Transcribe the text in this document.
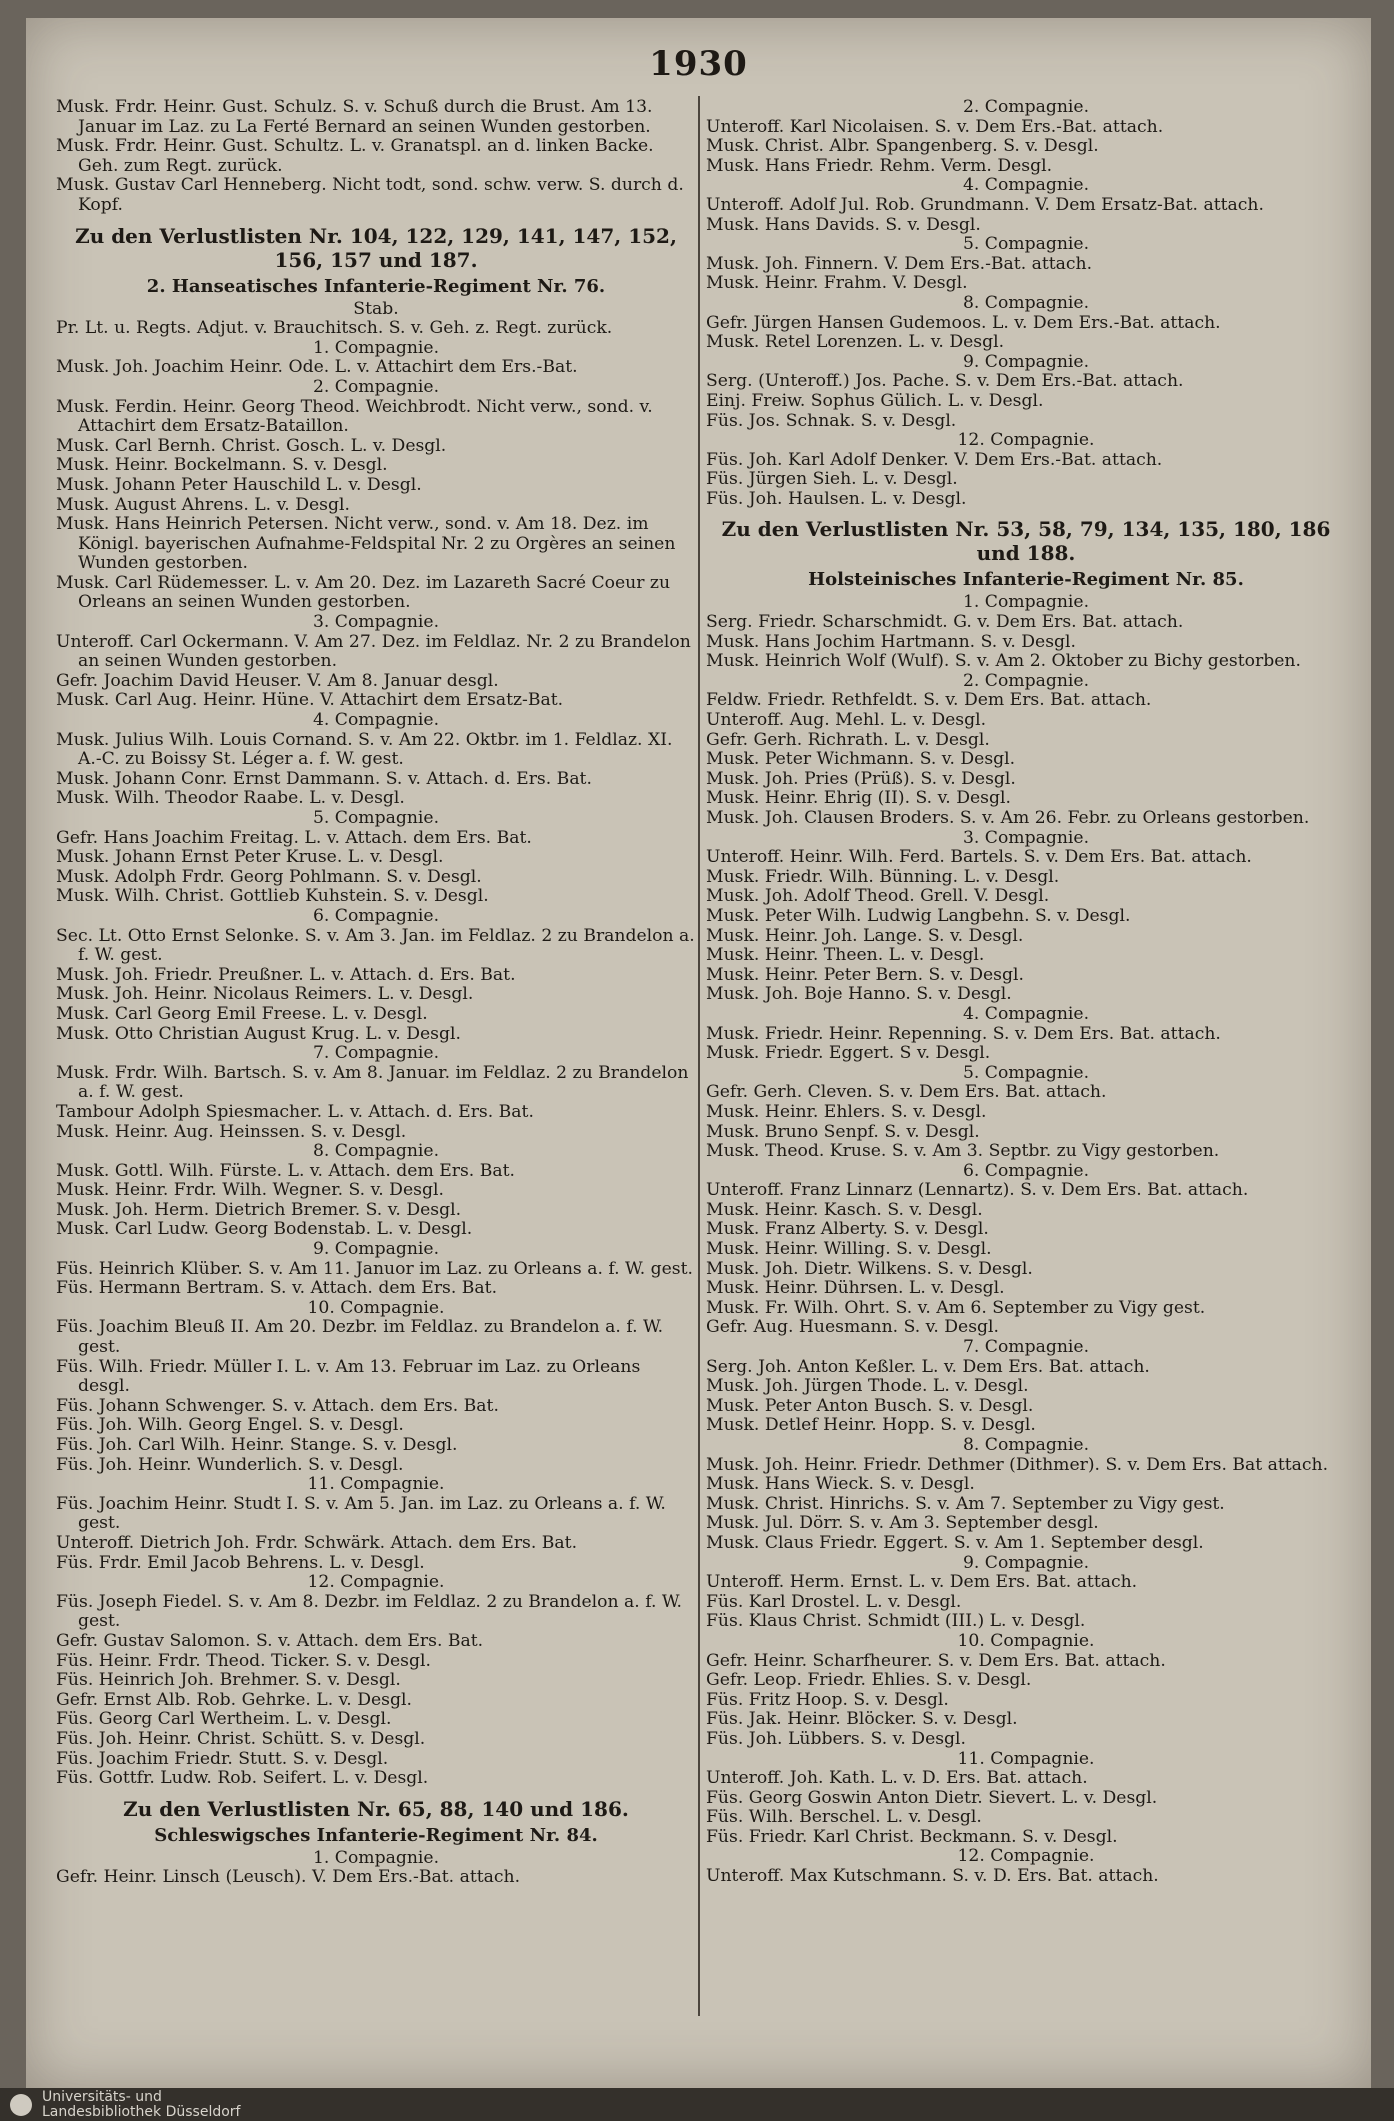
1930

Musk. Frdr. Heinr. Gust. Schulz. S. v. Schuß durch die Brust. Am 13. Januar im Laz. zu La Ferté Bernard an seinen Wunden gestorben.

Musk. Frdr. Heinr. Gust. Schultz. L. v. Granatspl. an d. linken Backe. Geh. zum Regt. zurück.

Musk. Gustav Carl Henneberg. Nicht todt, sond. schw. verw. S. durch d. Kopf.

Zu den Verlustlisten Nr. 104, 122, 129, 141, 147, 152, 156, 157 und 187.

2. Hanseatisches Infanterie-Regiment Nr. 76.

Stab.

Pr. Lt. u. Regts. Adjut. v. Brauchitsch. S. v. Geh. z. Regt. zurück.

1. Compagnie.

Musk. Joh. Joachim Heinr. Ode. L. v. Attachirt dem Ers.-Bat.

2. Compagnie.

Musk. Ferdin. Heinr. Georg Theod. Weichbrodt. Nicht verw., sond. v. Attachirt dem Ersatz-Bataillon.

Musk. Carl Bernh. Christ. Gosch. L. v. Desgl.

Musk. Heinr. Bockelmann. S. v. Desgl.

Musk. Johann Peter Hauschild L. v. Desgl.

Musk. August Ahrens. L. v. Desgl.

Musk. Hans Heinrich Petersen. Nicht verw., sond. v. Am 18. Dez. im Königl. bayerischen Aufnahme-Feldspital Nr. 2 zu Orgères an seinen Wunden gestorben.

Musk. Carl Rüdemesser. L. v. Am 20. Dez. im Lazareth Sacré Coeur zu Orleans an seinen Wunden gestorben.

3. Compagnie.

Unteroff. Carl Ockermann. V. Am 27. Dez. im Feldlaz. Nr. 2 zu Brandelon an seinen Wunden gestorben.

Gefr. Joachim David Heuser. V. Am 8. Januar desgl.

Musk. Carl Aug. Heinr. Hüne. V. Attachirt dem Ersatz-Bat.

4. Compagnie.

Musk. Julius Wilh. Louis Cornand. S. v. Am 22. Oktbr. im 1. Feldlaz. XI. A.-C. zu Boissy St. Léger a. f. W. gest.

Musk. Johann Conr. Ernst Dammann. S. v. Attach. d. Ers. Bat.

Musk. Wilh. Theodor Raabe. L. v. Desgl.

5. Compagnie.

Gefr. Hans Joachim Freitag. L. v. Attach. dem Ers. Bat.

Musk. Johann Ernst Peter Kruse. L. v. Desgl.

Musk. Adolph Frdr. Georg Pohlmann. S. v. Desgl.

Musk. Wilh. Christ. Gottlieb Kuhstein. S. v. Desgl.

6. Compagnie.

Sec. Lt. Otto Ernst Selonke. S. v. Am 3. Jan. im Feldlaz. 2 zu Brandelon a. f. W. gest.

Musk. Joh. Friedr. Preußner. L. v. Attach. d. Ers. Bat.

Musk. Joh. Heinr. Nicolaus Reimers. L. v. Desgl.

Musk. Carl Georg Emil Freese. L. v. Desgl.

Musk. Otto Christian August Krug. L. v. Desgl.

7. Compagnie.

Musk. Frdr. Wilh. Bartsch. S. v. Am 8. Januar. im Feldlaz. 2 zu Brandelon a. f. W. gest.

Tambour Adolph Spiesmacher. L. v. Attach. d. Ers. Bat.

Musk. Heinr. Aug. Heinssen. S. v. Desgl.

8. Compagnie.

Musk. Gottl. Wilh. Fürste. L. v. Attach. dem Ers. Bat.

Musk. Heinr. Frdr. Wilh. Wegner. S. v. Desgl.

Musk. Joh. Herm. Dietrich Bremer. S. v. Desgl.

Musk. Carl Ludw. Georg Bodenstab. L. v. Desgl.

9. Compagnie.

Füs. Heinrich Klüber. S. v. Am 11. Januor im Laz. zu Orleans a. f. W. gest.

Füs. Hermann Bertram. S. v. Attach. dem Ers. Bat.

10. Compagnie.

Füs. Joachim Bleuß II. Am 20. Dezbr. im Feldlaz. zu Brandelon a. f. W. gest.

Füs. Wilh. Friedr. Müller I. L. v. Am 13. Februar im Laz. zu Orleans desgl.

Füs. Johann Schwenger. S. v. Attach. dem Ers. Bat.

Füs. Joh. Wilh. Georg Engel. S. v. Desgl.

Füs. Joh. Carl Wilh. Heinr. Stange. S. v. Desgl.

Füs. Joh. Heinr. Wunderlich. S. v. Desgl.

11. Compagnie.

Füs. Joachim Heinr. Studt I. S. v. Am 5. Jan. im Laz. zu Orleans a. f. W. gest.

Unteroff. Dietrich Joh. Frdr. Schwärk. Attach. dem Ers. Bat.

Füs. Frdr. Emil Jacob Behrens. L. v. Desgl.

12. Compagnie.

Füs. Joseph Fiedel. S. v. Am 8. Dezbr. im Feldlaz. 2 zu Brandelon a. f. W. gest.

Gefr. Gustav Salomon. S. v. Attach. dem Ers. Bat.

Füs. Heinr. Frdr. Theod. Ticker. S. v. Desgl.

Füs. Heinrich Joh. Brehmer. S. v. Desgl.

Gefr. Ernst Alb. Rob. Gehrke. L. v. Desgl.

Füs. Georg Carl Wertheim. L. v. Desgl.

Füs. Joh. Heinr. Christ. Schütt. S. v. Desgl.

Füs. Joachim Friedr. Stutt. S. v. Desgl.

Füs. Gottfr. Ludw. Rob. Seifert. L. v. Desgl.

Zu den Verlustlisten Nr. 65, 88, 140 und 186.

Schleswigsches Infanterie-Regiment Nr. 84.

1. Compagnie.

Gefr. Heinr. Linsch (Leusch). V. Dem Ers.-Bat. attach.

2. Compagnie.

Unteroff. Karl Nicolaisen. S. v. Dem Ers.-Bat. attach.

Musk. Christ. Albr. Spangenberg. S. v. Desgl.

Musk. Hans Friedr. Rehm. Verm. Desgl.

4. Compagnie.

Unteroff. Adolf Jul. Rob. Grundmann. V. Dem Ersatz-Bat. attach.

Musk. Hans Davids. S. v. Desgl.

5. Compagnie.

Musk. Joh. Finnern. V. Dem Ers.-Bat. attach.

Musk. Heinr. Frahm. V. Desgl.

8. Compagnie.

Gefr. Jürgen Hansen Gudemoos. L. v. Dem Ers.-Bat. attach.

Musk. Retel Lorenzen. L. v. Desgl.

9. Compagnie.

Serg. (Unteroff.) Jos. Pache. S. v. Dem Ers.-Bat. attach.

Einj. Freiw. Sophus Gülich. L. v. Desgl.

Füs. Jos. Schnak. S. v. Desgl.

12. Compagnie.

Füs. Joh. Karl Adolf Denker. V. Dem Ers.-Bat. attach.

Füs. Jürgen Sieh. L. v. Desgl.

Füs. Joh. Haulsen. L. v. Desgl.

Zu den Verlustlisten Nr. 53, 58, 79, 134, 135, 180, 186 und 188.

Holsteinisches Infanterie-Regiment Nr. 85.

1. Compagnie.

Serg. Friedr. Scharschmidt. G. v. Dem Ers. Bat. attach.

Musk. Hans Jochim Hartmann. S. v. Desgl.

Musk. Heinrich Wolf (Wulf). S. v. Am 2. Oktober zu Bichy gestorben.

2. Compagnie.

Feldw. Friedr. Rethfeldt. S. v. Dem Ers. Bat. attach.

Unteroff. Aug. Mehl. L. v. Desgl.

Gefr. Gerh. Richrath. L. v. Desgl.

Musk. Peter Wichmann. S. v. Desgl.

Musk. Joh. Pries (Prüß). S. v. Desgl.

Musk. Heinr. Ehrig (II). S. v. Desgl.

Musk. Joh. Clausen Broders. S. v. Am 26. Febr. zu Orleans gestorben.

3. Compagnie.

Unteroff. Heinr. Wilh. Ferd. Bartels. S. v. Dem Ers. Bat. attach.

Musk. Friedr. Wilh. Bünning. L. v. Desgl.

Musk. Joh. Adolf Theod. Grell. V. Desgl.

Musk. Peter Wilh. Ludwig Langbehn. S. v. Desgl.

Musk. Heinr. Joh. Lange. S. v. Desgl.

Musk. Heinr. Theen. L. v. Desgl.

Musk. Heinr. Peter Bern. S. v. Desgl.

Musk. Joh. Boje Hanno. S. v. Desgl.

4. Compagnie.

Musk. Friedr. Heinr. Repenning. S. v. Dem Ers. Bat. attach.

Musk. Friedr. Eggert. S v. Desgl.

5. Compagnie.

Gefr. Gerh. Cleven. S. v. Dem Ers. Bat. attach.

Musk. Heinr. Ehlers. S. v. Desgl.

Musk. Bruno Senpf. S. v. Desgl.

Musk. Theod. Kruse. S. v. Am 3. Septbr. zu Vigy gestorben.

6. Compagnie.

Unteroff. Franz Linnarz (Lennartz). S. v. Dem Ers. Bat. attach.

Musk. Heinr. Kasch. S. v. Desgl.

Musk. Franz Alberty. S. v. Desgl.

Musk. Heinr. Willing. S. v. Desgl.

Musk. Joh. Dietr. Wilkens. S. v. Desgl.

Musk. Heinr. Dührsen. L. v. Desgl.

Musk. Fr. Wilh. Ohrt. S. v. Am 6. September zu Vigy gest.

Gefr. Aug. Huesmann. S. v. Desgl.

7. Compagnie.

Serg. Joh. Anton Keßler. L. v. Dem Ers. Bat. attach.

Musk. Joh. Jürgen Thode. L. v. Desgl.

Musk. Peter Anton Busch. S. v. Desgl.

Musk. Detlef Heinr. Hopp. S. v. Desgl.

8. Compagnie.

Musk. Joh. Heinr. Friedr. Dethmer (Dithmer). S. v. Dem Ers. Bat attach.

Musk. Hans Wieck. S. v. Desgl.

Musk. Christ. Hinrichs. S. v. Am 7. September zu Vigy gest.

Musk. Jul. Dörr. S. v. Am 3. September desgl.

Musk. Claus Friedr. Eggert. S. v. Am 1. September desgl.

9. Compagnie.

Unteroff. Herm. Ernst. L. v. Dem Ers. Bat. attach.

Füs. Karl Drostel. L. v. Desgl.

Füs. Klaus Christ. Schmidt (III.) L. v. Desgl.

10. Compagnie.

Gefr. Heinr. Scharfheurer. S. v. Dem Ers. Bat. attach.

Gefr. Leop. Friedr. Ehlies. S. v. Desgl.

Füs. Fritz Hoop. S. v. Desgl.

Füs. Jak. Heinr. Blöcker. S. v. Desgl.

Füs. Joh. Lübbers. S. v. Desgl.

11. Compagnie.

Unteroff. Joh. Kath. L. v. D. Ers. Bat. attach.

Füs. Georg Goswin Anton Dietr. Sievert. L. v. Desgl.

Füs. Wilh. Berschel. L. v. Desgl.

Füs. Friedr. Karl Christ. Beckmann. S. v. Desgl.

12. Compagnie.

Unteroff. Max Kutschmann. S. v. D. Ers. Bat. attach.

Universitäts- und
Landesbibliothek Düsseldorf
